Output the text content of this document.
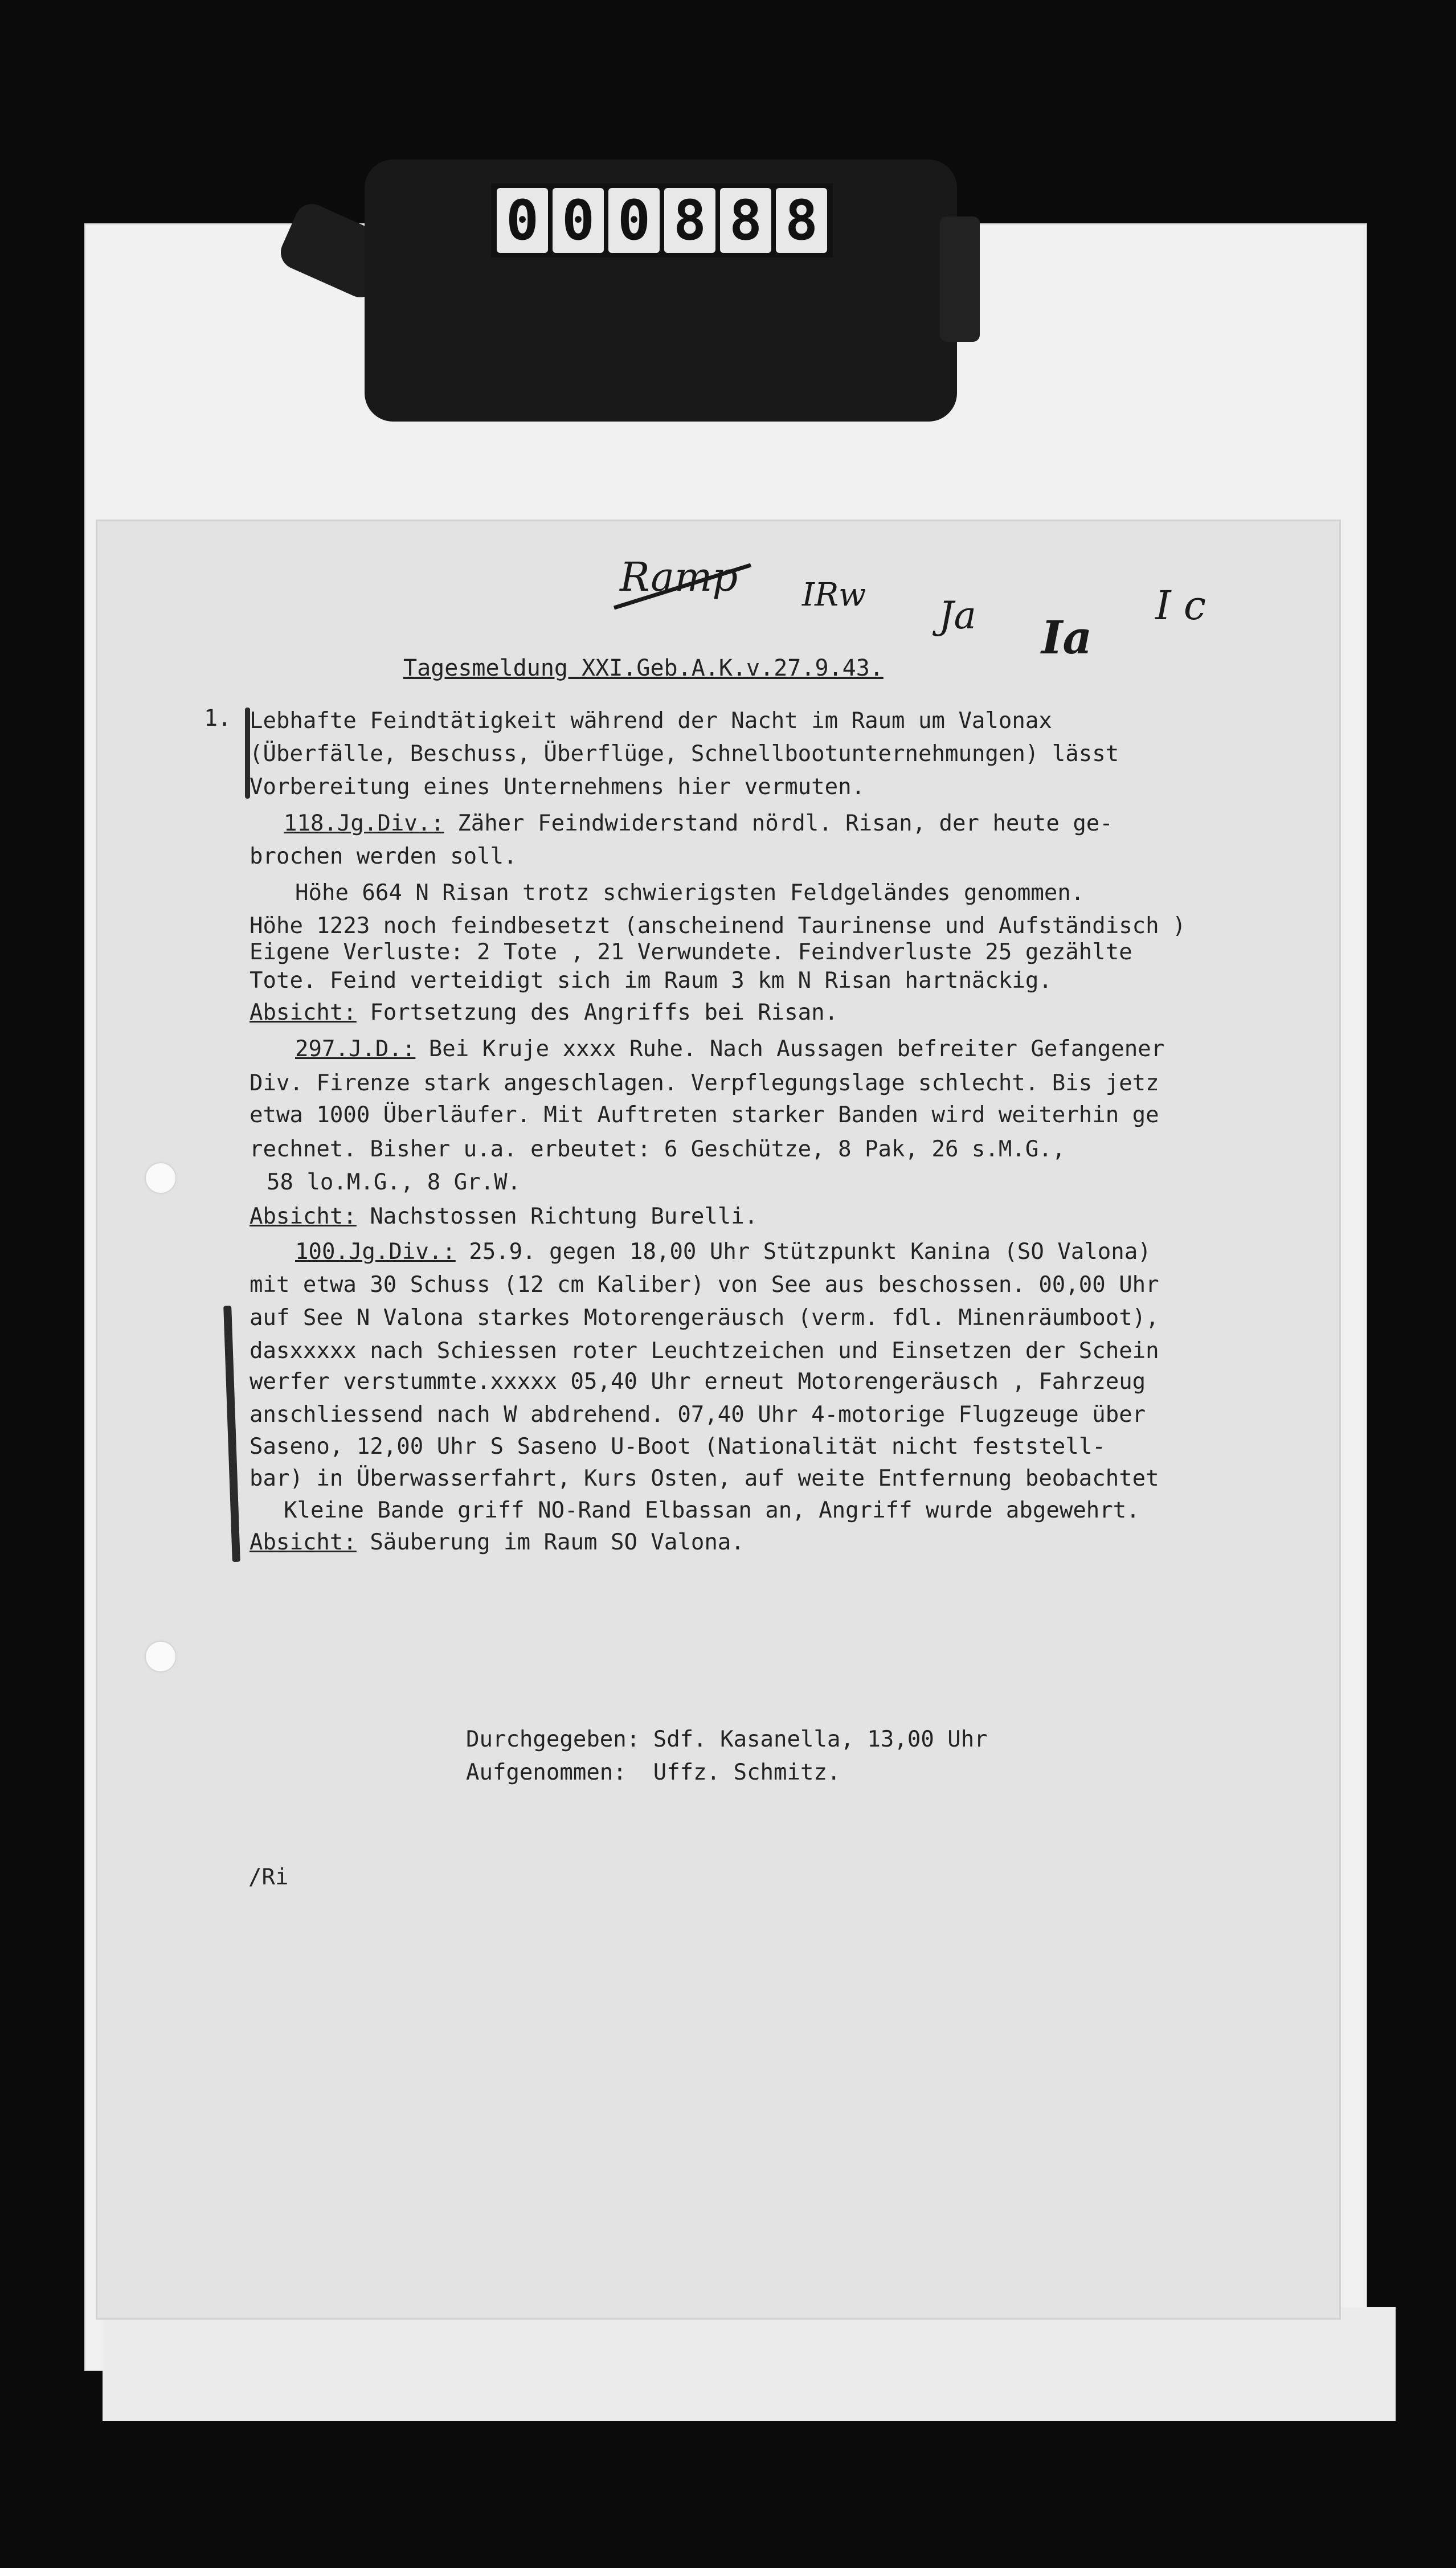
0 0 0 8 8 8
Ramp IRw Ja Ia
I c
Tagesmeldung XXI.Geb.A.K.v.27.9.43.
1. Lebhafte Feindtätigkeit während der Nacht im Raum um Valonax
(Überfälle, Beschuss, Überflüge, Schnellbootunternehmungen) lässt
Vorbereitung eines Unternehmens hier vermuten.
118.Jg.Div.: Zäher Feindwiderstand nördl. Risan, der heute ge-
brochen werden soll.
Höhe 664 N Risan trotz schwierigsten Feldgeländes genommen.
Höhe 1223 noch feindbesetzt (anscheinend Taurinense und Aufständisch )
Eigene Verluste: 2 Tote , 21 Verwundete. Feindverluste 25 gezählte
Tote. Feind verteidigt sich im Raum 3 km N Risan hartnäckig.
Absicht: Fortsetzung des Angriffs bei Risan.
297.J.D.: Bei Kruje xxxx Ruhe. Nach Aussagen befreiter Gefangener
Div. Firenze stark angeschlagen. Verpflegungslage schlecht. Bis jetz
etwa 1000 Überläufer. Mit Auftreten starker Banden wird weiterhin ge
rechnet. Bisher u.a. erbeutet: 6 Geschütze, 8 Pak, 26 s.M.G.,
58 lo.M.G., 8 Gr.W.
Absicht: Nachstossen Richtung Burelli.
100.Jg.Div.: 25.9. gegen 18,00 Uhr Stützpunkt Kanina (SO Valona)
mit etwa 30 Schuss (12 cm Kaliber) von See aus beschossen. 00,00 Uhr
auf See N Valona starkes Motorengeräusch (verm. fdl. Minenräumboot),
dasxxxxx nach Schiessen roter Leuchtzeichen und Einsetzen der Schein
werfer verstummte.xxxxx 05,40 Uhr erneut Motorengeräusch , Fahrzeug
anschliessend nach W abdrehend. 07,40 Uhr 4-motorige Flugzeuge über
Saseno, 12,00 Uhr S Saseno U-Boot (Nationalität nicht feststell-
bar) in Überwasserfahrt, Kurs Osten, auf weite Entfernung beobachtet
Kleine Bande griff NO-Rand Elbassan an, Angriff wurde abgewehrt.
Absicht: Säuberung im Raum SO Valona.
Durchgegeben: Sdf. Kasanella, 13,00 Uhr
Aufgenommen:  Uffz. Schmitz.
/Ri
